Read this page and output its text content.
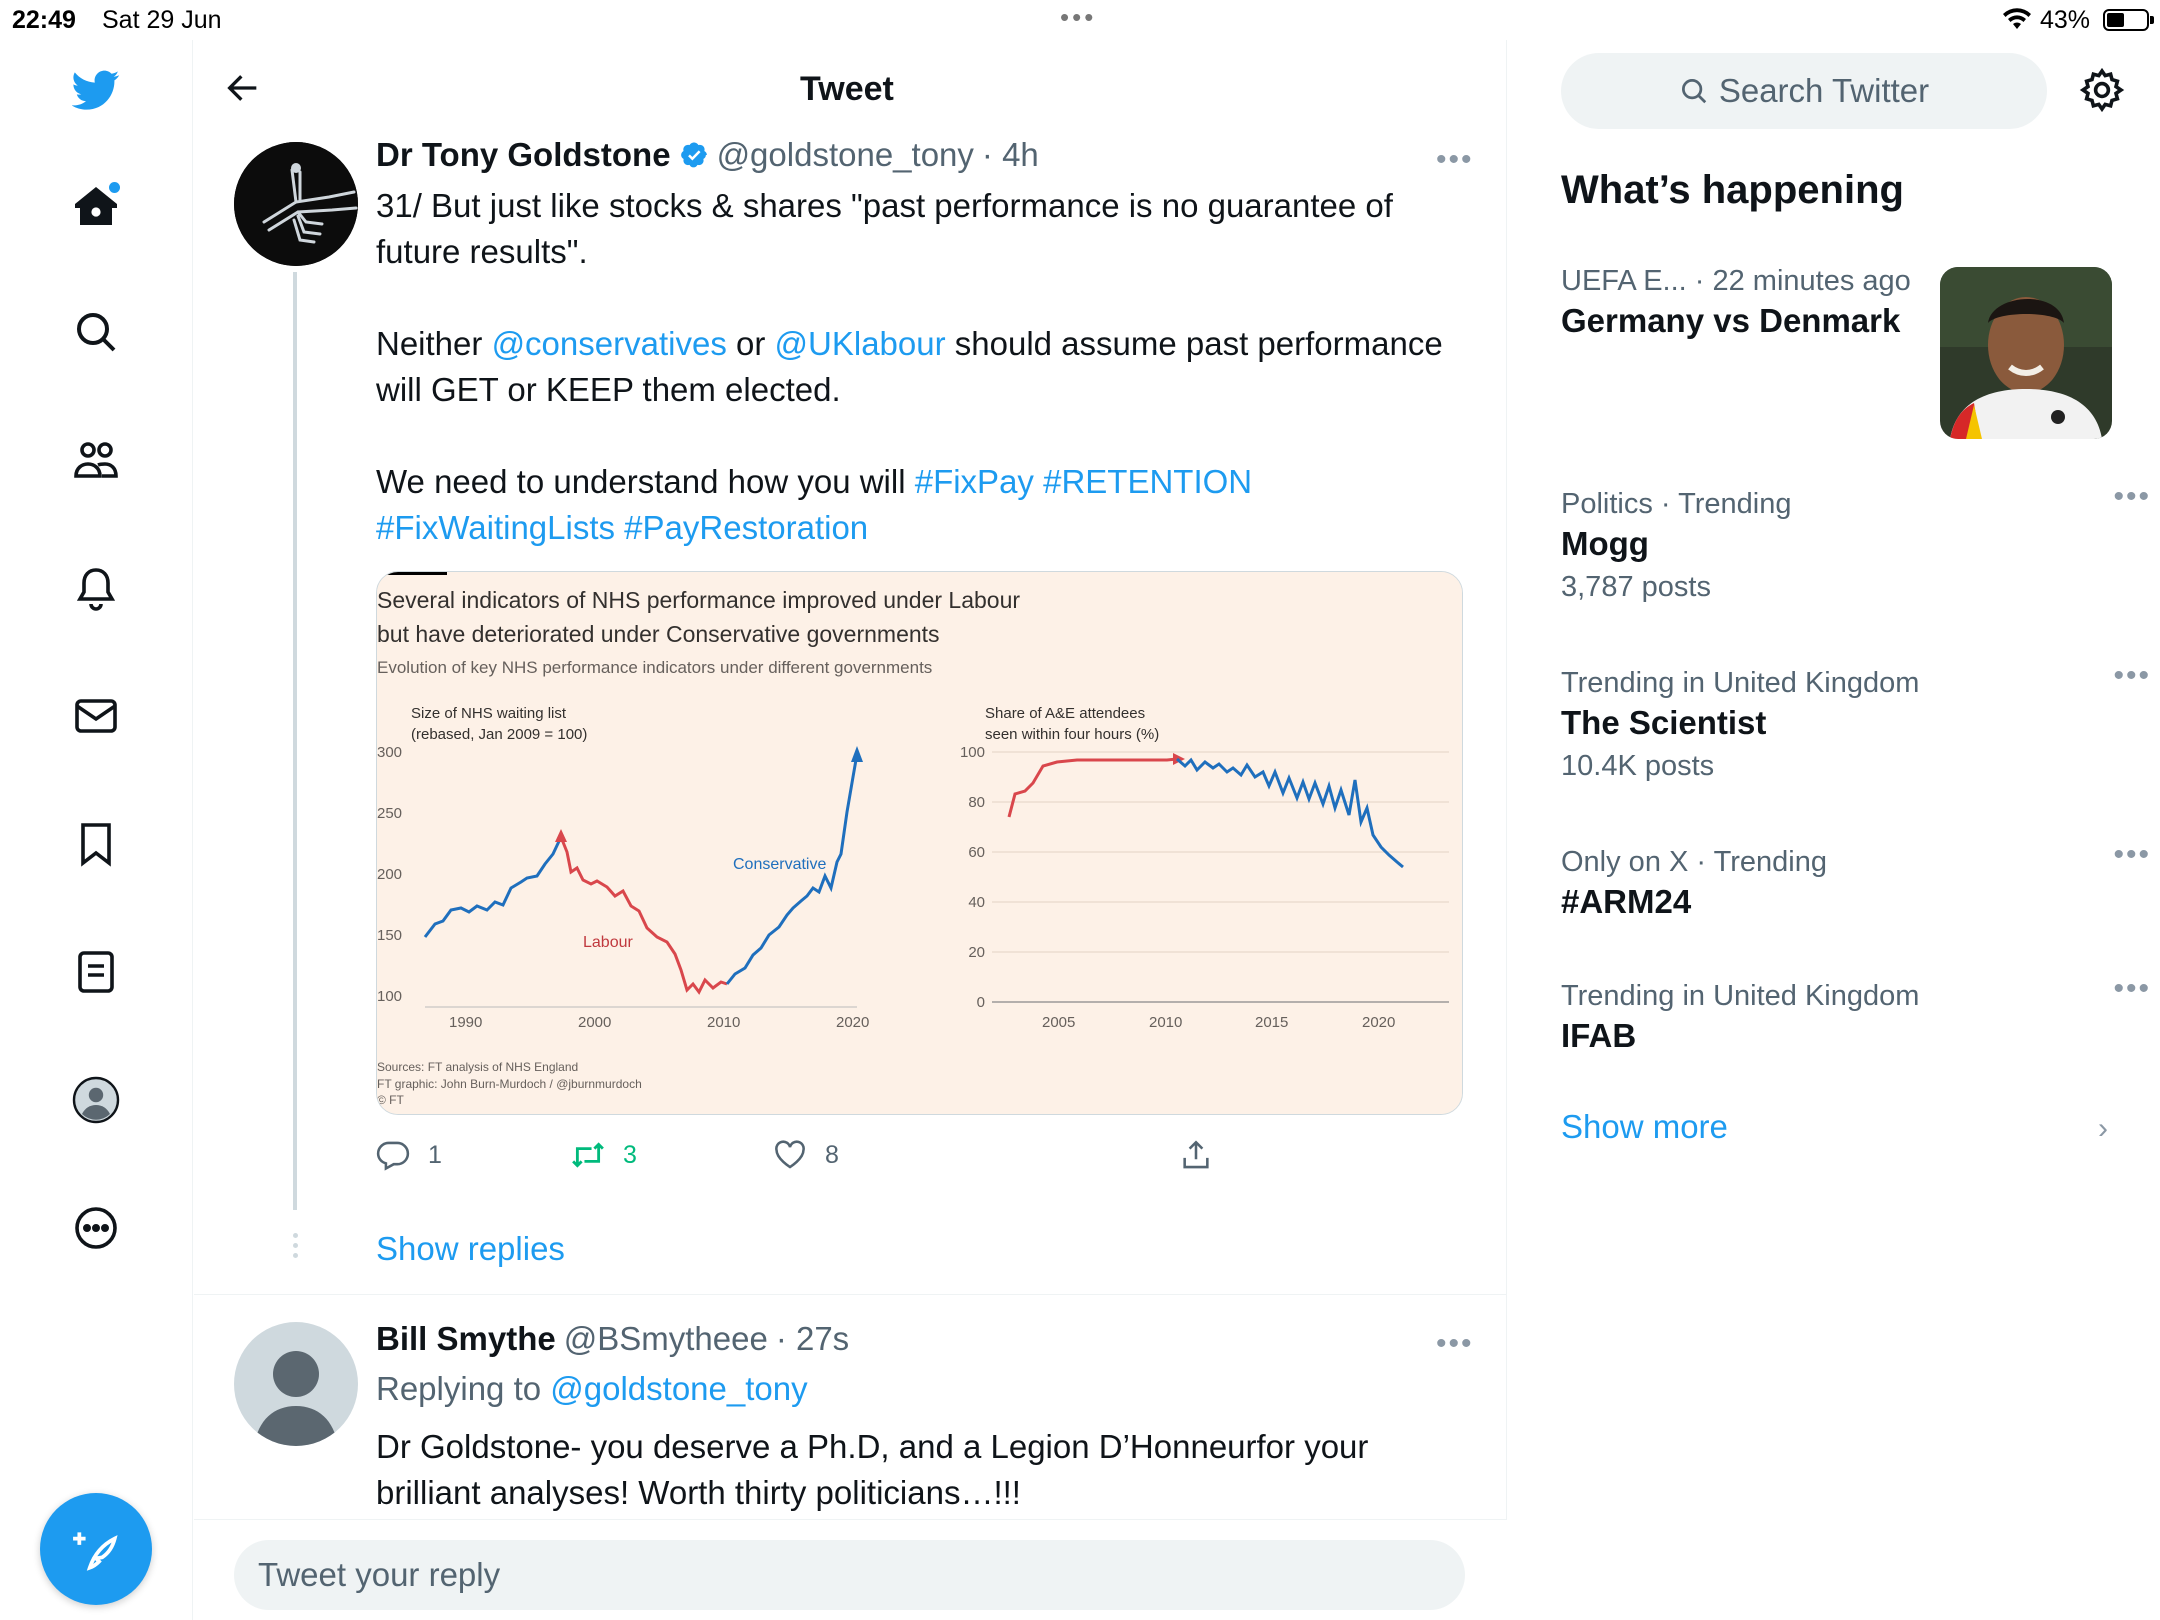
22:49 Sat 29 Jun	•••	43%
Tweet
Dr Tony Goldstone @goldstone_tony · 4h	•••

31/ But just like stocks & shares "past performance is no guarantee of future results".

Neither @conservatives or @UKlabour should assume past performance will GET or KEEP them elected.

We need to understand how you will #FixPay #RETENTION #FixWaitingLists #PayRestoration

Several indicators of NHS performance improved under Labour
but have deteriorated under Conservative governments
Evolution of key NHS performance indicators under different governments
Size of NHS waiting list
(rebased, Jan 2009 = 100)
300
250
200
150
100
1990	2000	2010	2020
Labour
Conservative
Share of A&E attendees
seen within four hours (%)
100
80
60
40
20
0
2005	2010	2015	2020
Sources: FT analysis of NHS England
FT graphic: John Burn-Murdoch / @jburnmurdoch
© FT
1	3	8
Show replies
Bill Smythe @BSmytheee · 27s	•••
Replying to @goldstone_tony
Dr Goldstone- you deserve a Ph.D, and a Legion D’Honneurfor your brilliant analyses! Worth thirty politicians…!!!
Tweet your reply
Search Twitter
What’s happening
UEFA E... · 22 minutes ago
Germany vs Denmark
Politics · Trending
Mogg
3,787 posts
•••
Trending in United Kingdom
The Scientist
10.4K posts
•••
Only on X · Trending
#ARM24
•••
Trending in United Kingdom
IFAB
•••
Show more	›
